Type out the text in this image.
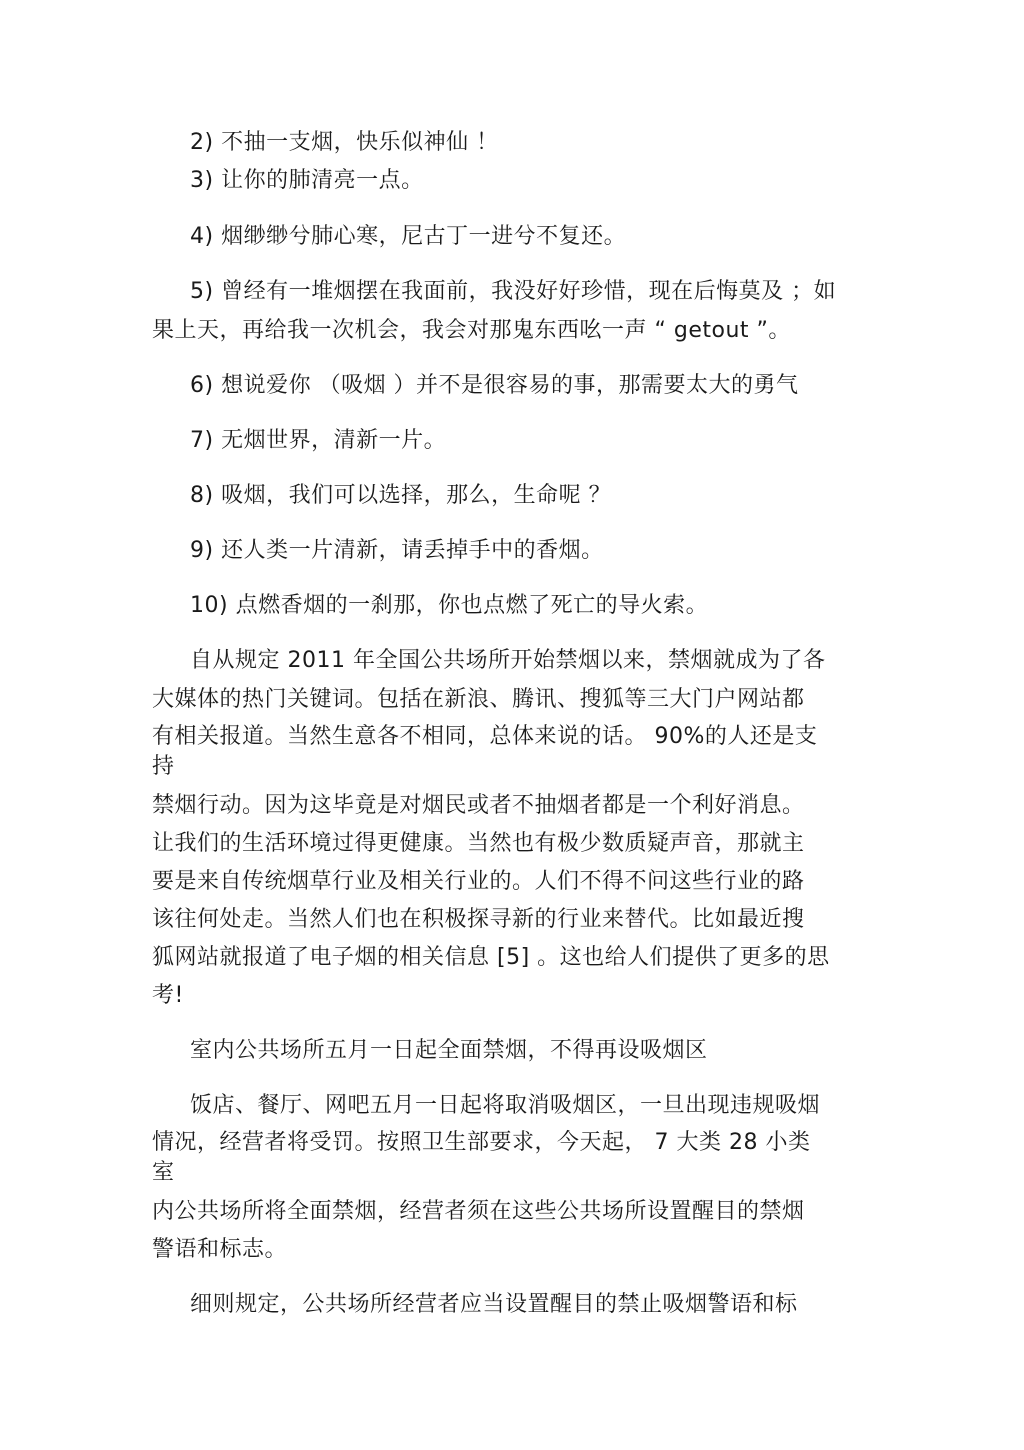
2) 不抽一支烟，快乐似神仙 ！
3) 让你的肺清亮一点。
4) 烟缈缈兮肺心寒，尼古丁一进兮不复还。
5) 曾经有一堆烟摆在我面前，我没好好珍惜，现在后悔莫及 ；如
果上天，再给我一次机会，我会对那鬼东西吆一声 “ getout ”。
6) 想说爱你 （吸烟 ）并不是很容易的事，那需要太大的勇气
7) 无烟世界，清新一片。
8) 吸烟，我们可以选择，那么，生命呢 ？
9) 还人类一片清新，请丢掉手中的香烟。
10) 点燃香烟的一刹那，你也点燃了死亡的导火索。
自从规定 2011 年全国公共场所开始禁烟以来，禁烟就成为了各
大媒体的热门关键词。包括在新浪、腾讯、搜狐等三大门户网站都
有相关报道。当然生意各不相同，总体来说的话。 90%的人还是支
持
禁烟行动。因为这毕竟是对烟民或者不抽烟者都是一个利好消息。
让我们的生活环境过得更健康。当然也有极少数质疑声音，那就主
要是来自传统烟草行业及相关行业的。人们不得不问这些行业的路
该往何处走。当然人们也在积极探寻新的行业来替代。比如最近搜
狐网站就报道了电子烟的相关信息 [5] 。这也给人们提供了更多的思
考!
室内公共场所五月一日起全面禁烟，不得再设吸烟区
饭店、餐厅、网吧五月一日起将取消吸烟区，一旦出现违规吸烟
情况，经营者将受罚。按照卫生部要求，今天起， 7 大类 28 小类
室
内公共场所将全面禁烟，经营者须在这些公共场所设置醒目的禁烟
警语和标志。
细则规定，公共场所经营者应当设置醒目的禁止吸烟警语和标
